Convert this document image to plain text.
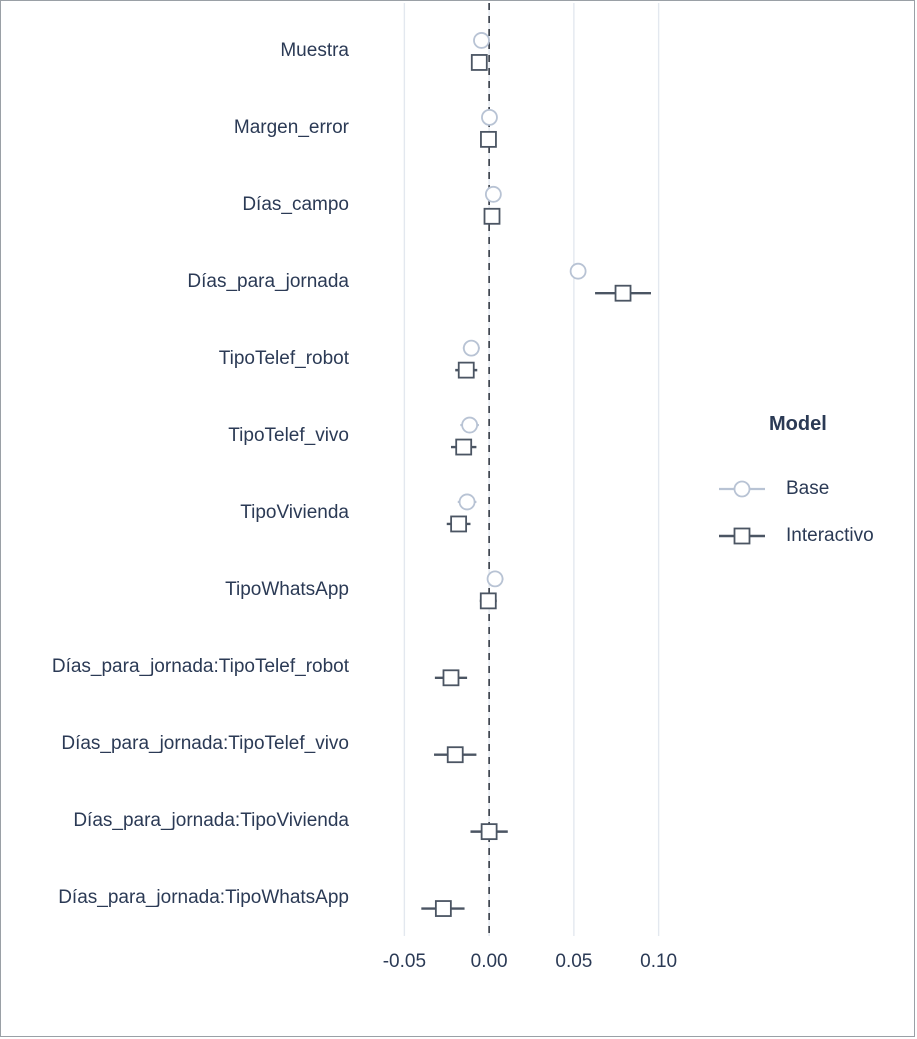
Muestra
Margen_error
Días_campo
Días_para_jornada
TipoTelef_robot
TipoTelef_vivo
TipoVivienda
TipoWhatsApp
Días_para_jornada:TipoTelef_robot
Días_para_jornada:TipoTelef_vivo
Días_para_jornada:TipoVivienda
Días_para_jornada:TipoWhatsApp
-0.05 0.00	0.05	0.10
Model
Base
Interactivo
